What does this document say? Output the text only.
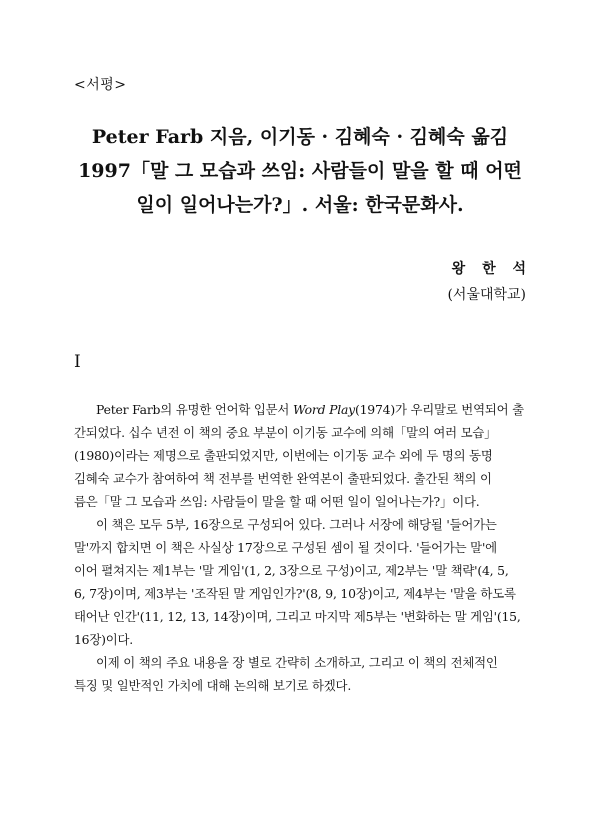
<서평>
Peter Farb 지음, 이기동 · 김혜숙 · 김혜숙 옮김
1997「말 그 모습과 쓰임: 사람들이 말을 할 때 어떤
일이 일어나는가?」. 서울: 한국문화사.
왕 한 석
(서울대학교)
I

Peter Farb의 유명한 언어학 입문서 Word Play(1974)가 우리말로 번역되어 출
간되었다. 십수 년전 이 책의 중요 부분이 이기동 교수에 의해「말의 여러 모습」
(1980)이라는 제명으로 출판되었지만, 이번에는 이기동 교수 외에 두 명의 동명
김혜숙 교수가 참여하여 책 전부를 번역한 완역본이 출판되었다. 출간된 책의 이
름은「말 그 모습과 쓰임: 사람들이 말을 할 때 어떤 일이 일어나는가?」이다.

이 책은 모두 5부, 16장으로 구성되어 있다. 그러나 서장에 해당될 '들어가는
말'까지 합치면 이 책은 사실상 17장으로 구성된 셈이 될 것이다. '들어가는 말'에
이어 펼쳐지는 제1부는 '말 게임'(1, 2, 3장으로 구성)이고, 제2부는 '말 책략'(4, 5,
6, 7장)이며, 제3부는 '조작된 말 게임인가?'(8, 9, 10장)이고, 제4부는 '말을 하도록
태어난 인간'(11, 12, 13, 14장)이며, 그리고 마지막 제5부는 '변화하는 말 게임'(15,
16장)이다.

이제 이 책의 주요 내용을 장 별로 간략히 소개하고, 그리고 이 책의 전체적인
특징 및 일반적인 가치에 대해 논의해 보기로 하겠다.
